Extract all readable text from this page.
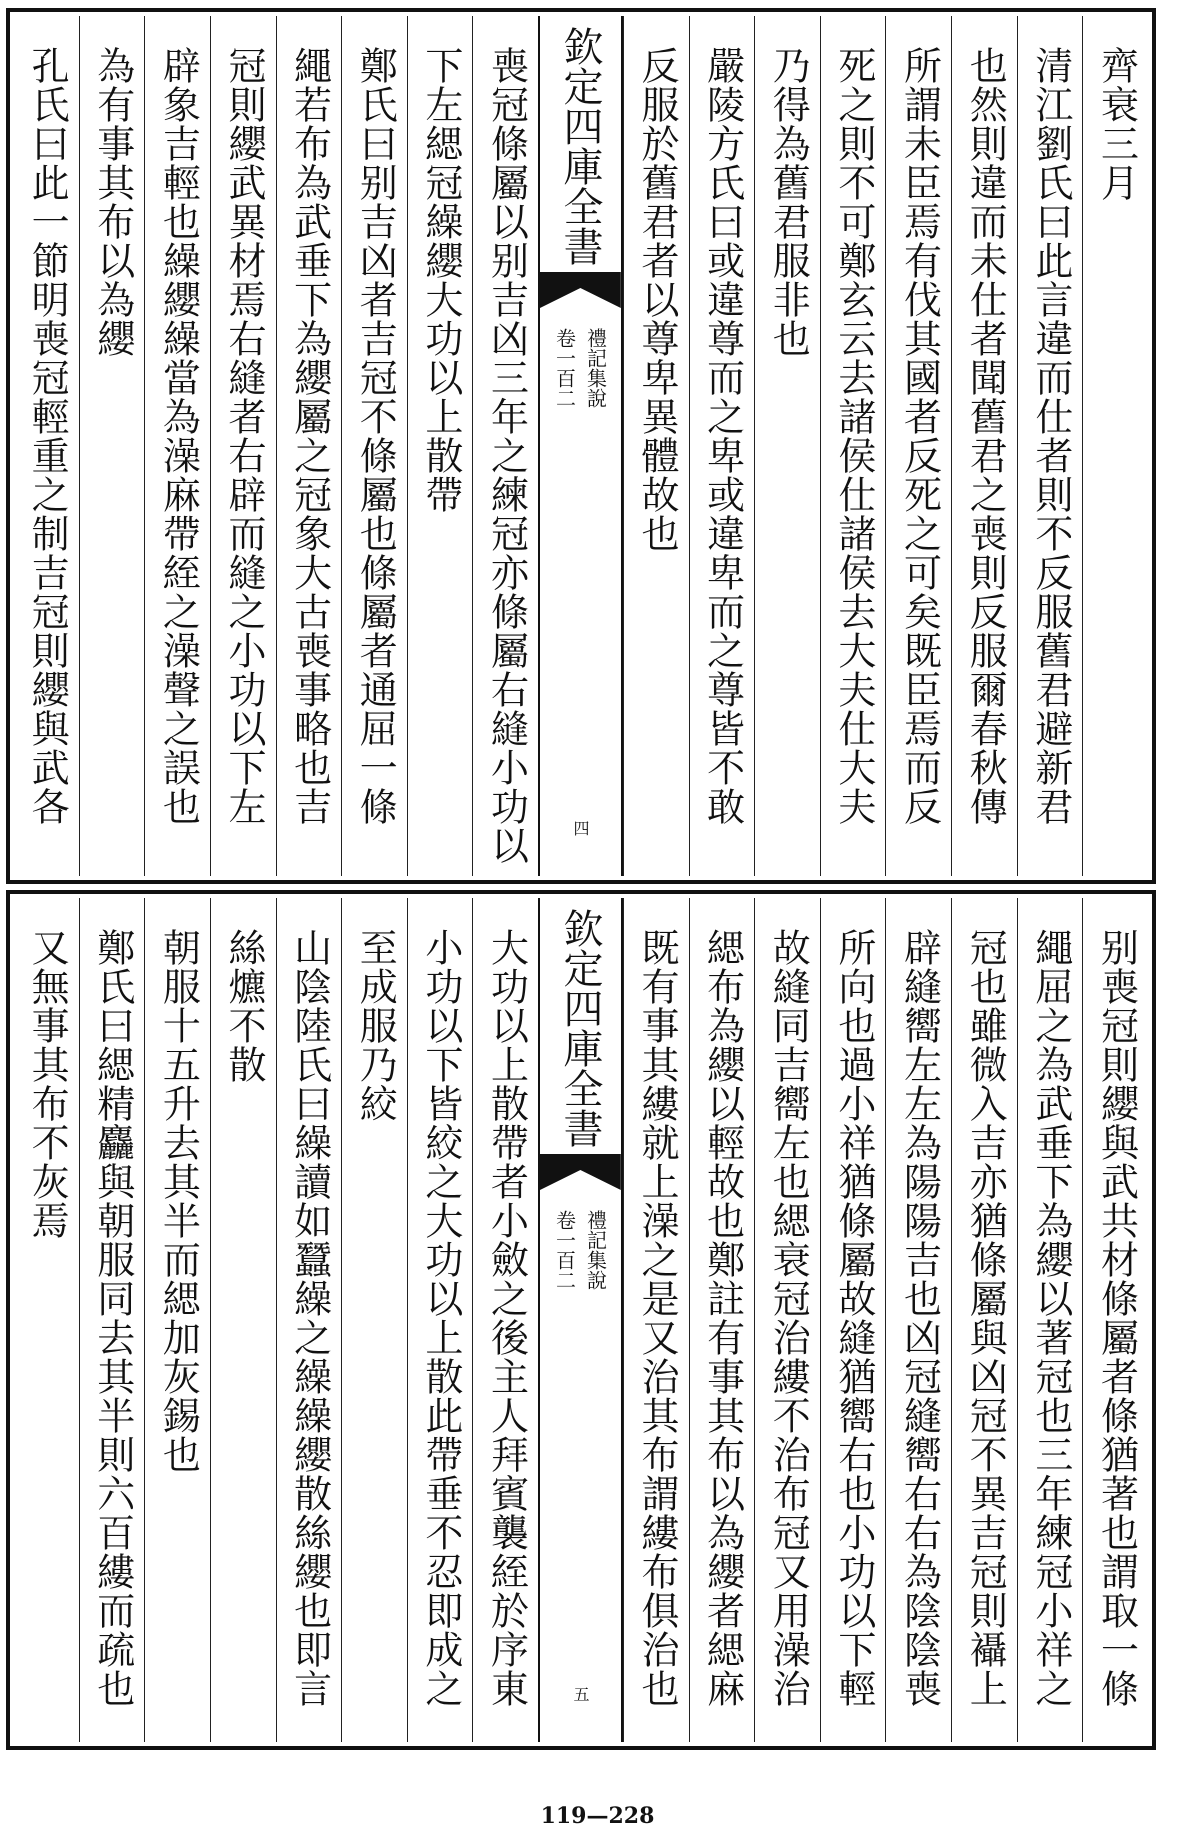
齊衰三月
清江劉氏曰此言違而仕者則不反服舊君避新君
也然則違而未仕者聞舊君之喪則反服爾春秋傳
所謂未臣焉有伐其國者反死之可矣既臣焉而反
死之則不可鄭玄云去諸侯仕諸侯去大夫仕大夫
乃得為舊君服非也
嚴陵方氏曰或違尊而之卑或違卑而之尊皆不敢
反服於舊君者以尊卑異體故也
欽定四庫全書
禮記集說
卷一百二
四
喪冠條屬以别吉凶三年之練冠亦條屬右縫小功以
下左緦冠繰纓大功以上散帶
鄭氏曰别吉凶者吉冠不條屬也條屬者通屈一條
繩若布為武垂下為纓屬之冠象大古喪事略也吉
冠則纓武異材焉右縫者右辟而縫之小功以下左
辟象吉輕也繰纓繰當為澡麻帶絰之澡聲之誤也
為有事其布以為纓
孔氏曰此一節明喪冠輕重之制吉冠則纓與武各
别喪冠則纓與武共材條屬者條猶著也謂取一條
繩屈之為武垂下為纓以著冠也三年練冠小祥之
冠也雖微入吉亦猶條屬與凶冠不異吉冠則襵上
辟縫嚮左左為陽陽吉也凶冠縫嚮右右為陰陰喪
所向也過小祥猶條屬故縫猶嚮右也小功以下輕
故縫同吉嚮左也緦衰冠治縷不治布冠又用澡治
緦布為纓以輕故也鄭註有事其布以為纓者緦麻
既有事其縷就上澡之是又治其布謂縷布俱治也
欽定四庫全書
禮記集說
卷一百二
五
大功以上散帶者小斂之後主人拜賓襲絰於序東
小功以下皆絞之大功以上散此帶垂不忍即成之
至成服乃絞
山陰陸氏曰繰讀如蠶繰之繰繰纓散絲纓也即言
絲爊不散
朝服十五升去其半而緦加灰錫也
鄭氏曰緦精麤與朝服同去其半則六百縷而疏也
又無事其布不灰焉
119—228
